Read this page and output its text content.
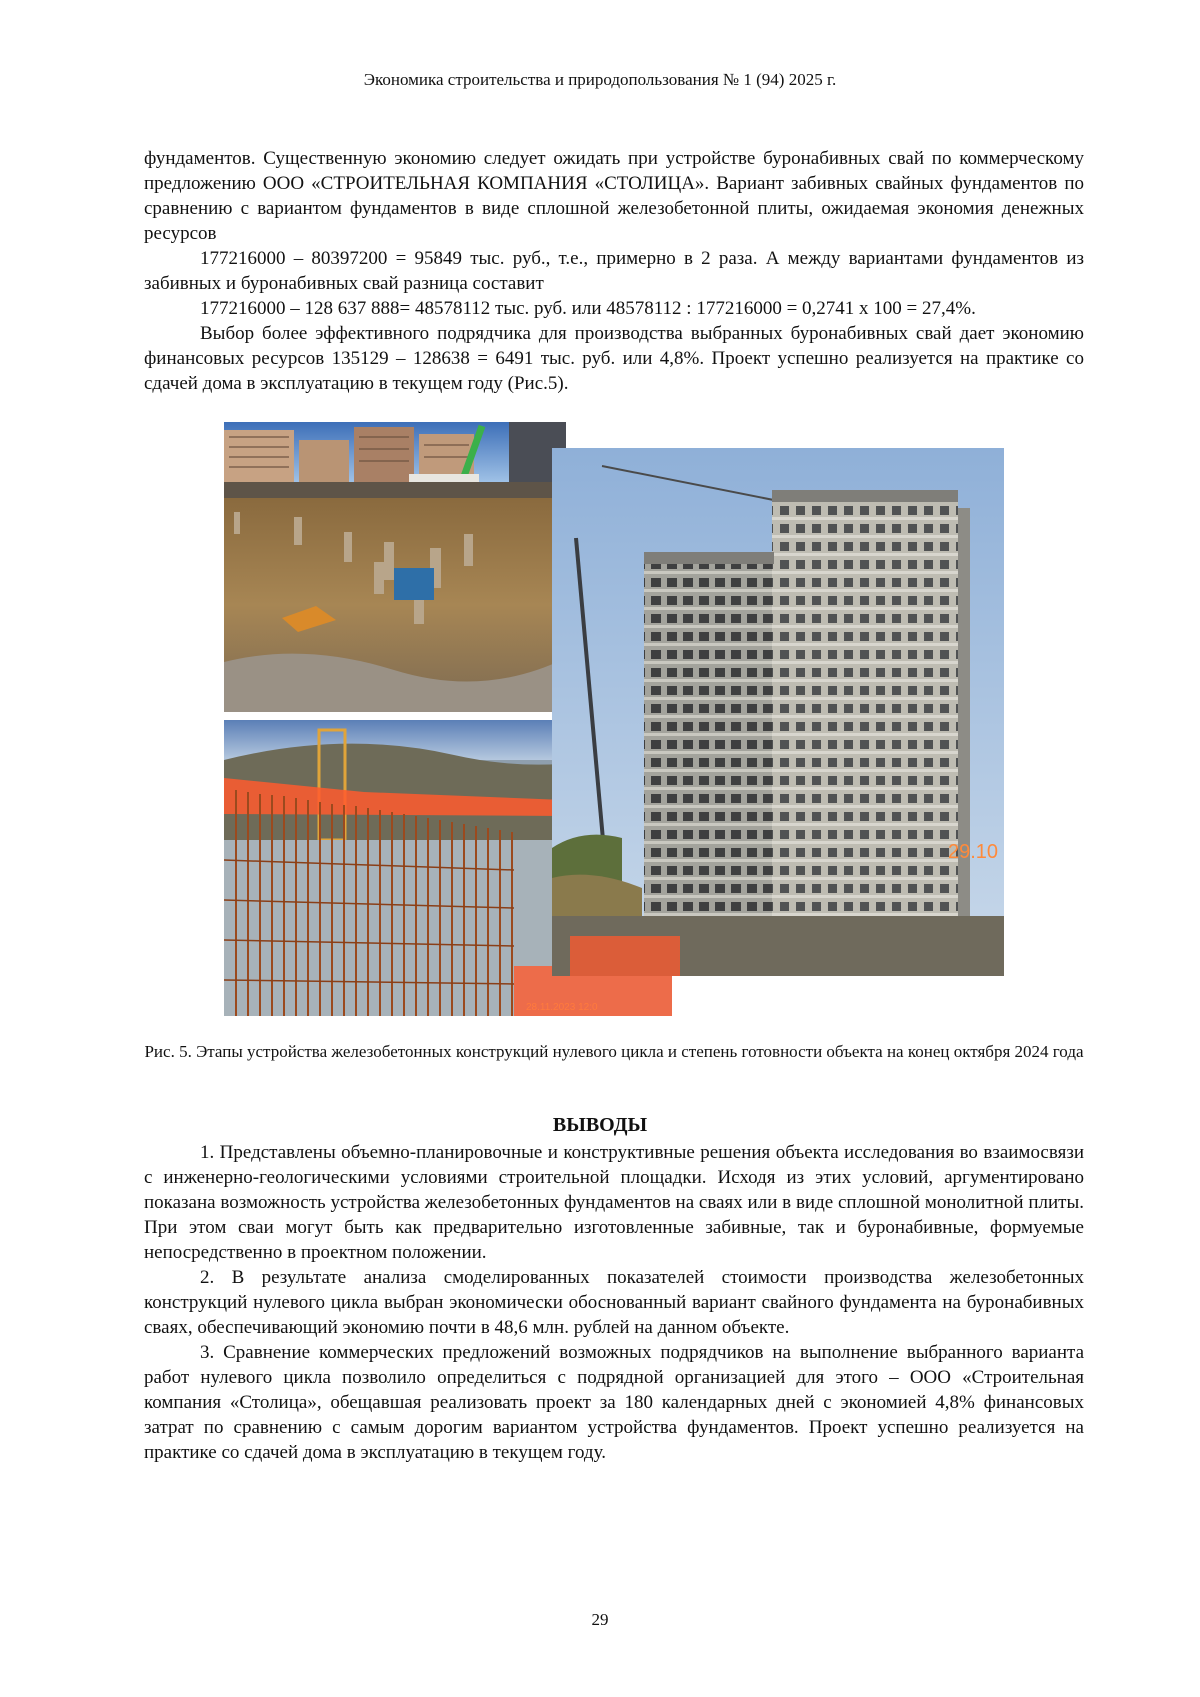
Экономика строительства и природопользования № 1 (94) 2025 г.

фундаментов. Существенную экономию следует ожидать при устройстве буронабивных свай по коммерческому предложению ООО «СТРОИТЕЛЬНАЯ КОМПАНИЯ «СТОЛИЦА». Вариант забивных свайных фундаментов по сравнению с вариантом фундаментов в виде сплошной железобетонной плиты, ожидаемая экономия денежных ресурсов

177216000 – 80397200 = 95849 тыс. руб., т.е., примерно в 2 раза. А между вариантами фундаментов из забивных и буронабивных свай разница составит

177216000 – 128 637 888= 48578112 тыс. руб. или 48578112 : 177216000 = 0,2741 x 100 = 27,4%.

Выбор более эффективного подрядчика для производства выбранных буронабивных свай дает экономию финансовых ресурсов 135129 – 128638 = 6491 тыс. руб. или 4,8%. Проект успешно реализуется на практике со сдачей дома в эксплуатацию в текущем году (Рис.5).

28.11.2023 12:0
29.10
Рис. 5. Этапы устройства железобетонных конструкций нулевого цикла и степень готовности объекта на конец октября 2024 года
ВЫВОДЫ

1. Представлены объемно-планировочные и конструктивные решения объекта исследования во взаимосвязи с инженерно-геологическими условиями строительной площадки. Исходя из этих условий, аргументировано показана возможность устройства железобетонных фундаментов на сваях или в виде сплошной монолитной плиты. При этом сваи могут быть как предварительно изготовленные забивные, так и буронабивные, формуемые непосредственно в проектном положении.

2. В результате анализа смоделированных показателей стоимости производства железобетонных конструкций нулевого цикла выбран экономически обоснованный вариант свайного фундамента на буронабивных сваях, обеспечивающий экономию почти в 48,6 млн. рублей на данном объекте.

3. Сравнение коммерческих предложений возможных подрядчиков на выполнение выбранного варианта работ нулевого цикла позволило определиться с подрядной организацией для этого – ООО «Строительная компания «Столица», обещавшая реализовать проект за 180 календарных дней с экономией 4,8% финансовых затрат по сравнению с самым дорогим вариантом устройства фундаментов. Проект успешно реализуется на практике со сдачей дома в эксплуатацию в текущем году.

29
